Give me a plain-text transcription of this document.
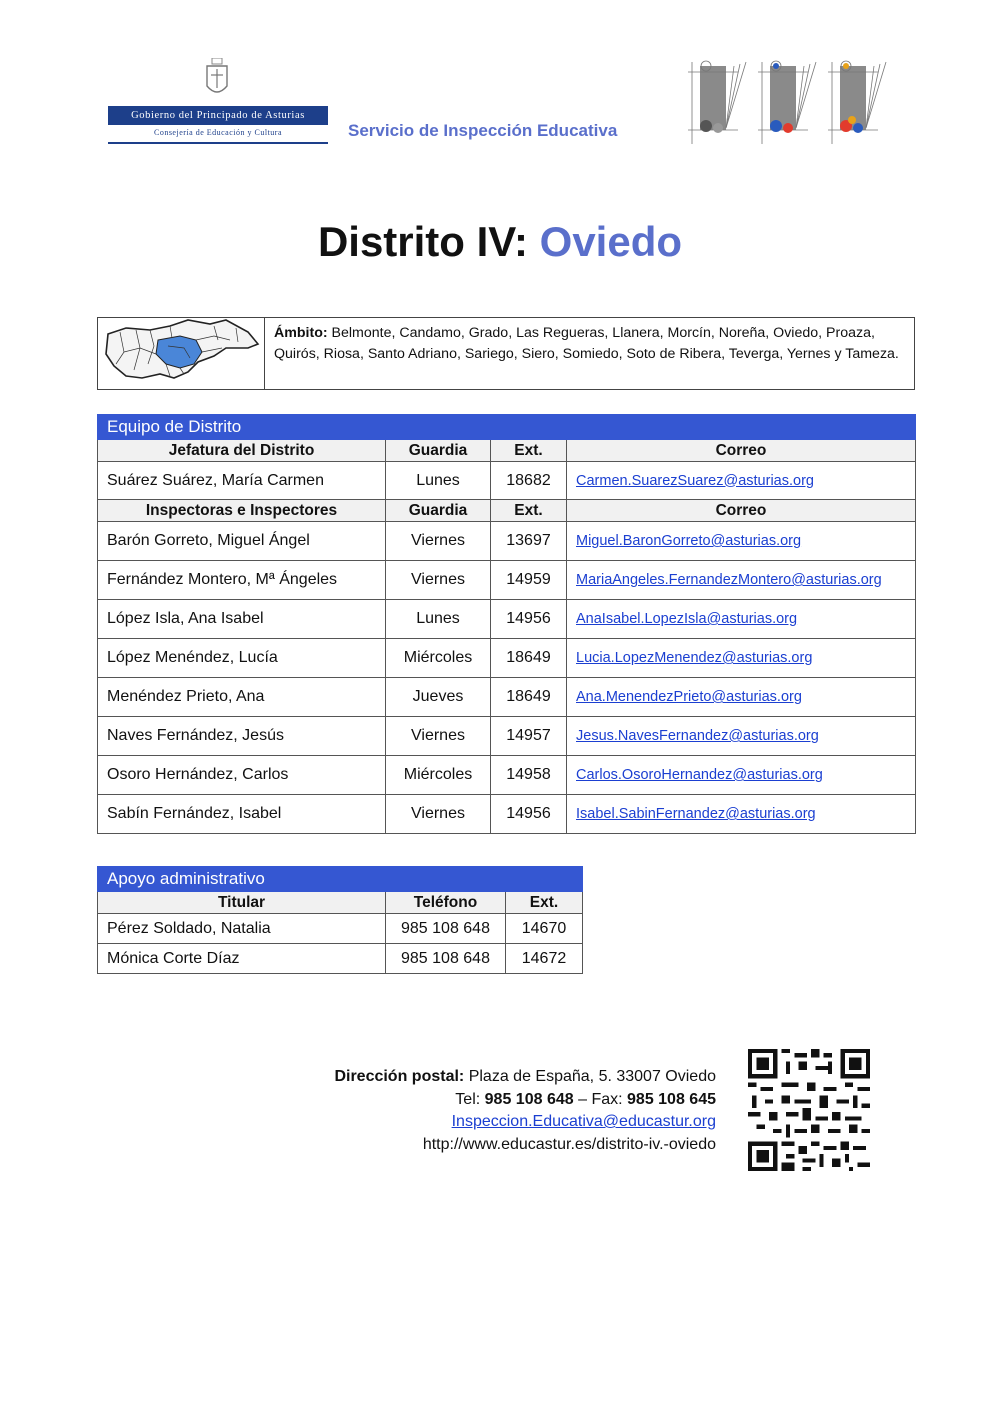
Gobierno del Principado de Asturias
Consejería de Educación y Cultura	Servicio de Inspección Educativa
Distrito IV: Oviedo
Ámbito: Belmonte, Candamo, Grado, Las Regueras, Llanera, Morcín, Noreña, Oviedo, Proaza, Quirós, Riosa, Santo Adriano, Sariego, Siero, Somiedo, Soto de Ribera, Teverga, Yernes y Tameza.
Equipo de Distrito			
Jefatura del Distrito	Guardia	Ext.	Correo
Suárez Suárez, María Carmen	Lunes	18682	Carmen.SuarezSuarez@asturias.org
Inspectoras e Inspectores	Guardia	Ext.	Correo
Barón Gorreto, Miguel Ángel	Viernes	13697	Miguel.BaronGorreto@asturias.org
Fernández Montero, Mª Ángeles	Viernes	14959	MariaAngeles.FernandezMontero@asturias.org
López Isla, Ana Isabel	Lunes	14956	AnaIsabel.LopezIsla@asturias.org
López Menéndez, Lucía	Miércoles	18649	Lucia.LopezMenendez@asturias.org
Menéndez Prieto, Ana	Jueves	18649	Ana.MenendezPrieto@asturias.org
Naves Fernández, Jesús	Viernes	14957	Jesus.NavesFernandez@asturias.org
Osoro Hernández, Carlos	Miércoles	14958	Carlos.OsoroHernandez@asturias.org
Sabín Fernández, Isabel	Viernes	14956	Isabel.SabinFernandez@asturias.org
Apoyo administrativo		
Titular	Teléfono	Ext.
Pérez Soldado, Natalia	985 108 648	14670
Mónica Corte Díaz	985 108 648	14672
Dirección postal: Plaza de España, 5. 33007 Oviedo
Tel: 985 108 648 – Fax: 985 108 645
Inspeccion.Educativa@educastur.org
http://www.educastur.es/distrito-iv.-oviedo
